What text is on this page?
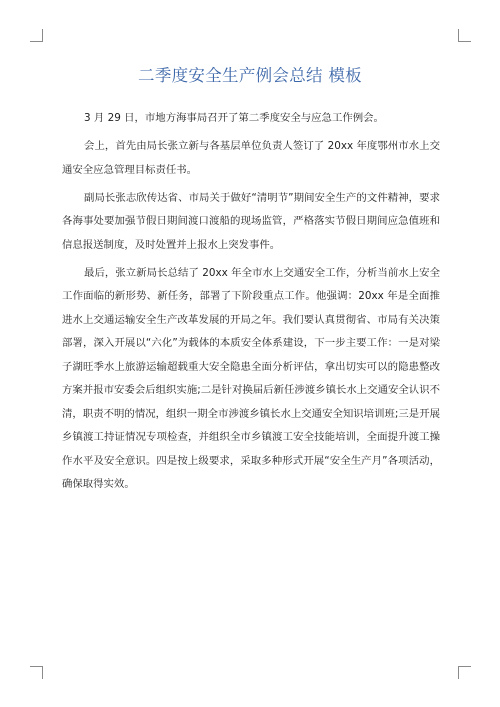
二季度安全生产例会总结 模板

3 月 29 日，市地方海事局召开了第二季度安全与应急工作例会。

会上，首先由局长张立新与各基层单位负责人签订了 20xx 年度鄂州市水上交通安全应急管理目标责任书。

副局长张志欣传达省、市局关于做好“清明节”期间安全生产的文件精神，要求各海事处要加强节假日期间渡口渡船的现场监管，严格落实节假日期间应急值班和信息报送制度，及时处置并上报水上突发事件。

最后，张立新局长总结了 20xx 年全市水上交通安全工作，分析当前水上安全工作面临的新形势、新任务，部署了下阶段重点工作。他强调：20xx 年是全面推进水上交通运输安全生产改革发展的开局之年。我们要认真贯彻省、市局有关决策部署，深入开展以“六化”为载体的本质安全体系建设，下一步主要工作：一是对梁子湖旺季水上旅游运输超载重大安全隐患全面分析评估，拿出切实可以的隐患整改方案并报市安委会后组织实施;二是针对换届后新任涉渡乡镇长水上交通安全认识不清，职责不明的情况，组织一期全市涉渡乡镇长水上交通安全知识培训班;三是开展乡镇渡工持证情况专项检查，并组织全市乡镇渡工安全技能培训，全面提升渡工操作水平及安全意识。四是按上级要求，采取多种形式开展“安全生产月”各项活动，确保取得实效。
